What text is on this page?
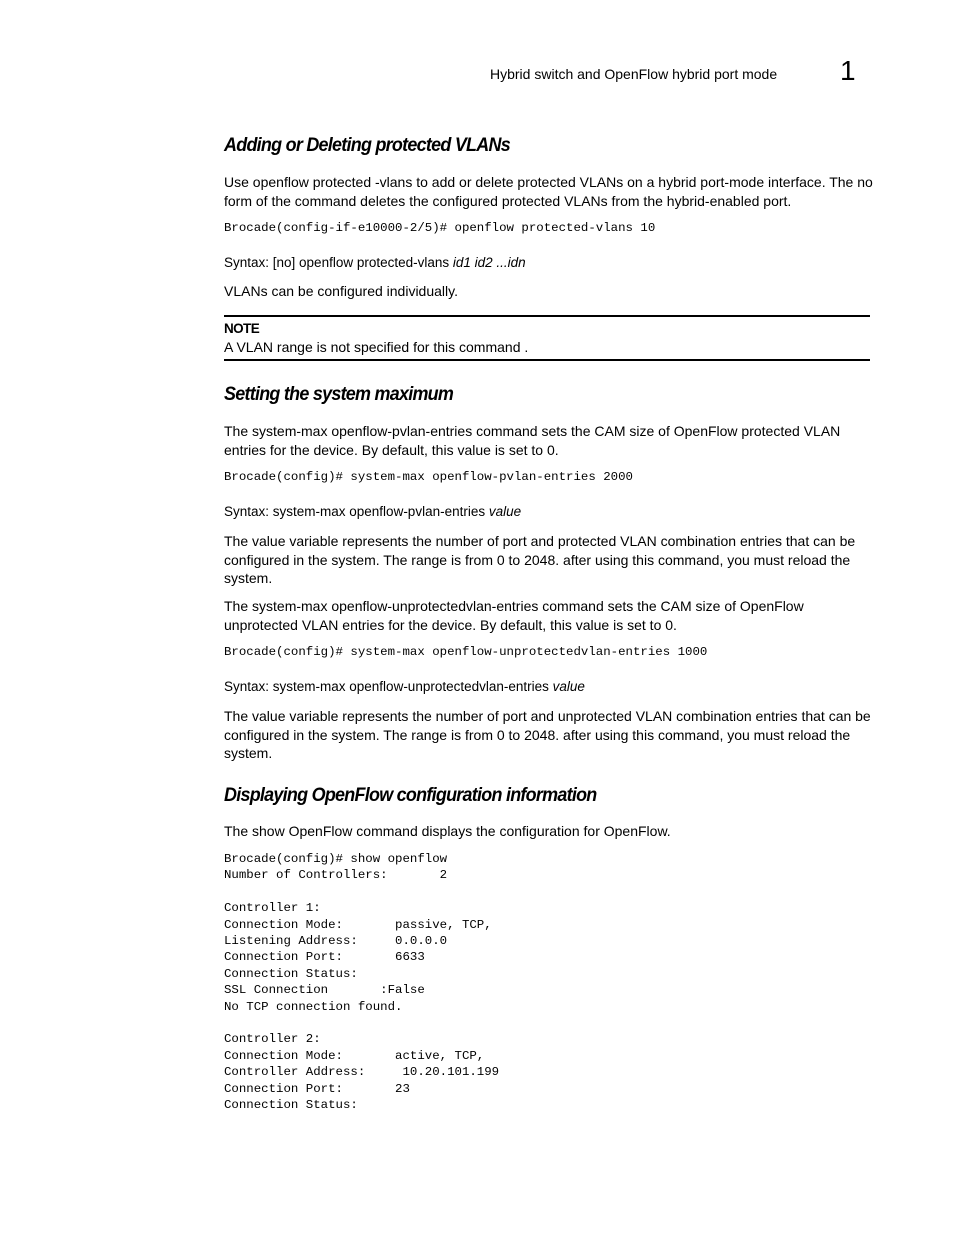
Hybrid switch and OpenFlow hybrid port mode 1
Adding or Deleting protected VLANs
Use openflow protected -vlans to add or delete protected VLANs on a hybrid port-mode interface. The no form of the command deletes the configured protected VLANs from the hybrid-enabled port.
Brocade(config-if-e10000-2/5)# openflow protected-vlans 10
Syntax: [no] openflow protected-vlans id1 id2 ...idn
VLANs can be configured individually.
NOTE
A VLAN range is not specified for this command .
Setting the system maximum
The system-max openflow-pvlan-entries command sets the CAM size of OpenFlow protected VLAN entries for the device. By default, this value is set to 0.
Brocade(config)# system-max openflow-pvlan-entries 2000
Syntax: system-max openflow-pvlan-entries value
The value variable represents the number of port and protected VLAN combination entries that can be configured in the system. The range is from 0 to 2048. after using this command, you must reload the system.
The system-max openflow-unprotectedvlan-entries command sets the CAM size of OpenFlow unprotected VLAN entries for the device. By default, this value is set to 0.
Brocade(config)# system-max openflow-unprotectedvlan-entries 1000
Syntax: system-max openflow-unprotectedvlan-entries value
The value variable represents the number of port and unprotected VLAN combination entries that can be configured in the system. The range is from 0 to 2048. after using this command, you must reload the system.
Displaying OpenFlow configuration information
The show OpenFlow command displays the configuration for OpenFlow.
Brocade(config)# show openflow
Number of Controllers:       2

Controller 1:
Connection Mode:       passive, TCP,
Listening Address:     0.0.0.0
Connection Port:       6633
Connection Status:
SSL Connection       :False
No TCP connection found.

Controller 2:
Connection Mode:       active, TCP,
Controller Address:     10.20.101.199
Connection Port:       23
Connection Status:
